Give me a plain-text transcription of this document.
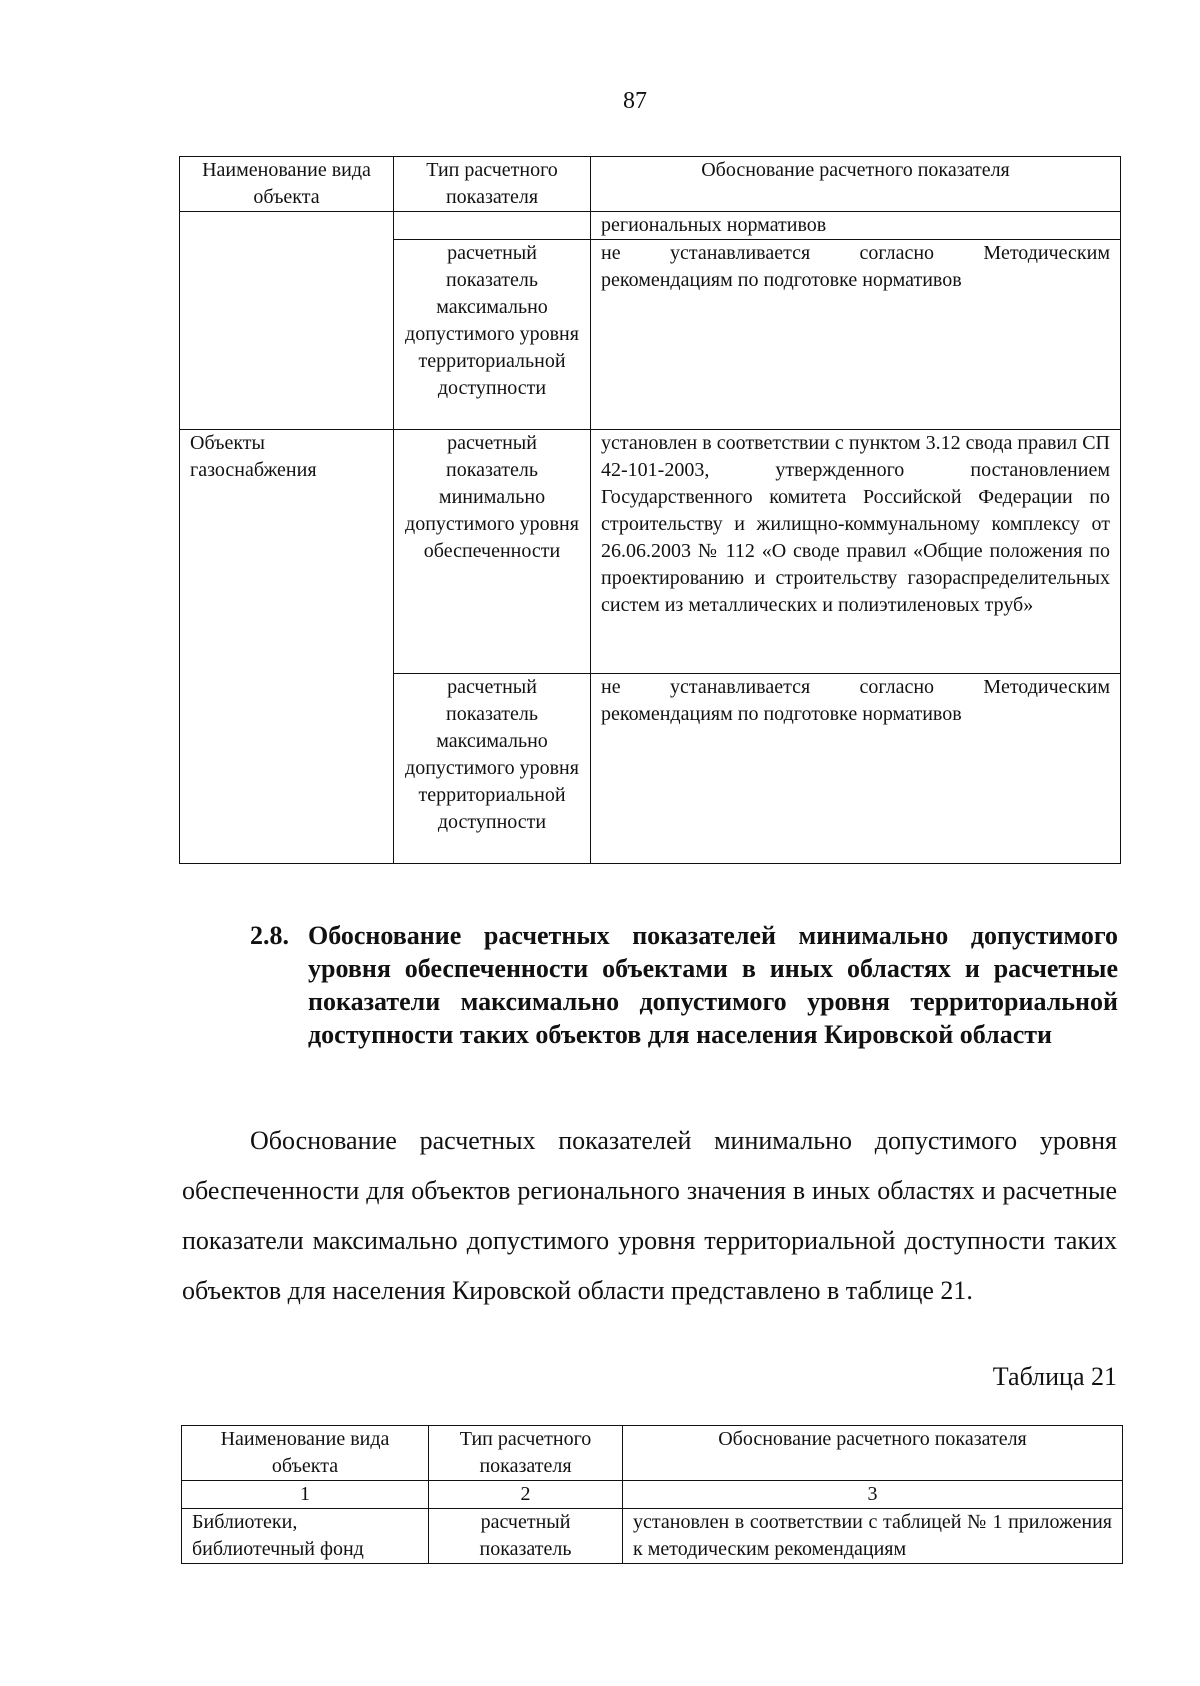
87
Наименование вида объекта	Тип расчетного показателя	Обоснование расчетного показателя
		региональных нормативов
	расчетный показатель максимально допустимого уровня территориальной доступности	не устанавливается согласно Методическим рекомендациям по подготовке нормативов
Объекты газоснабжения	расчетный показатель минимально допустимого уровня обеспеченности	установлен в соответствии с пунктом 3.12 свода правил СП 42-101-2003, утвержденного постановлением Государственного комитета Российской Федерации по строительству и жилищно-коммунальному комплексу от 26.06.2003 № 112 «О своде правил «Общие положения по проектированию и строительству газораспределительных систем из металлических и полиэтиленовых труб»
	расчетный показатель максимально допустимого уровня территориальной доступности	не устанавливается согласно Методическим рекомендациям по подготовке нормативов
2.8. Обоснование расчетных показателей минимально допустимого уровня обеспеченности объектами в иных областях и расчетные показатели максимально допустимого уровня территориальной доступности таких объектов для населения Кировской области

Обоснование расчетных показателей минимально допустимого уровня обеспеченности для объектов регионального значения в иных областях и расчетные показатели максимально допустимого уровня территориальной доступности таких объектов для населения Кировской области представлено в таблице 21.

Таблица 21
Наименование вида объекта	Тип расчетного показателя	Обоснование расчетного показателя
1	2	3
Библиотеки, библиотечный фонд	расчетный показатель	установлен в соответствии с таблицей № 1 приложения к методическим рекомендациям
